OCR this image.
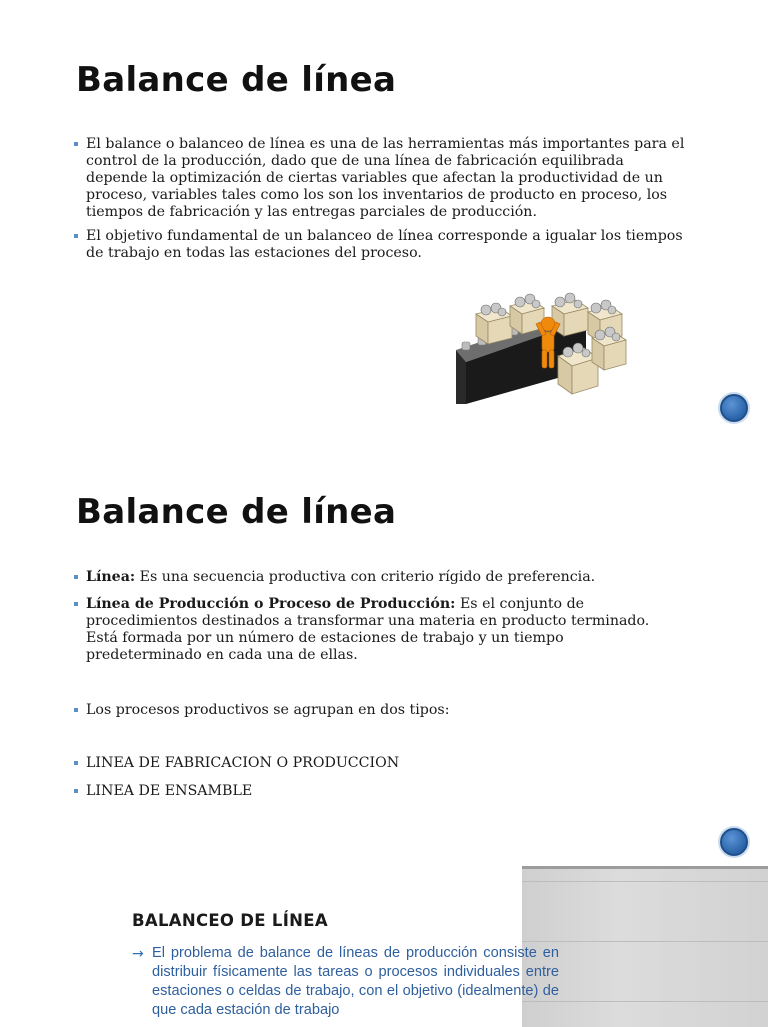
Balance de línea
El balance o balanceo de línea es una de las herramientas más importantes para el control de la producción, dado que de una línea de fabricación equilibrada depende la optimización de ciertas variables que afectan la productividad de un proceso, variables tales como los son los inventarios de producto en proceso, los tiempos de fabricación y las entregas parciales de producción.
El objetivo fundamental de un balanceo de línea corresponde a igualar los tiempos de trabajo en todas las estaciones del proceso.
Balance de línea
Línea: Es una secuencia productiva con criterio rígido de preferencia.
Línea de Producción o Proceso de Producción: Es el conjunto de procedimientos destinados a transformar una materia en producto terminado. Está formada por un número de estaciones de trabajo y un tiempo predeterminado en cada una de ellas.
Los procesos productivos se agrupan en dos tipos:
LINEA DE FABRICACION O PRODUCCION
LINEA DE ENSAMBLE
BALANCEO DE LÍNEA
→ El problema de balance de líneas de producción consiste en distribuir físicamente las tareas o procesos individuales entre estaciones o celdas de trabajo, con el objetivo (idealmente) de que cada estación de trabajo
